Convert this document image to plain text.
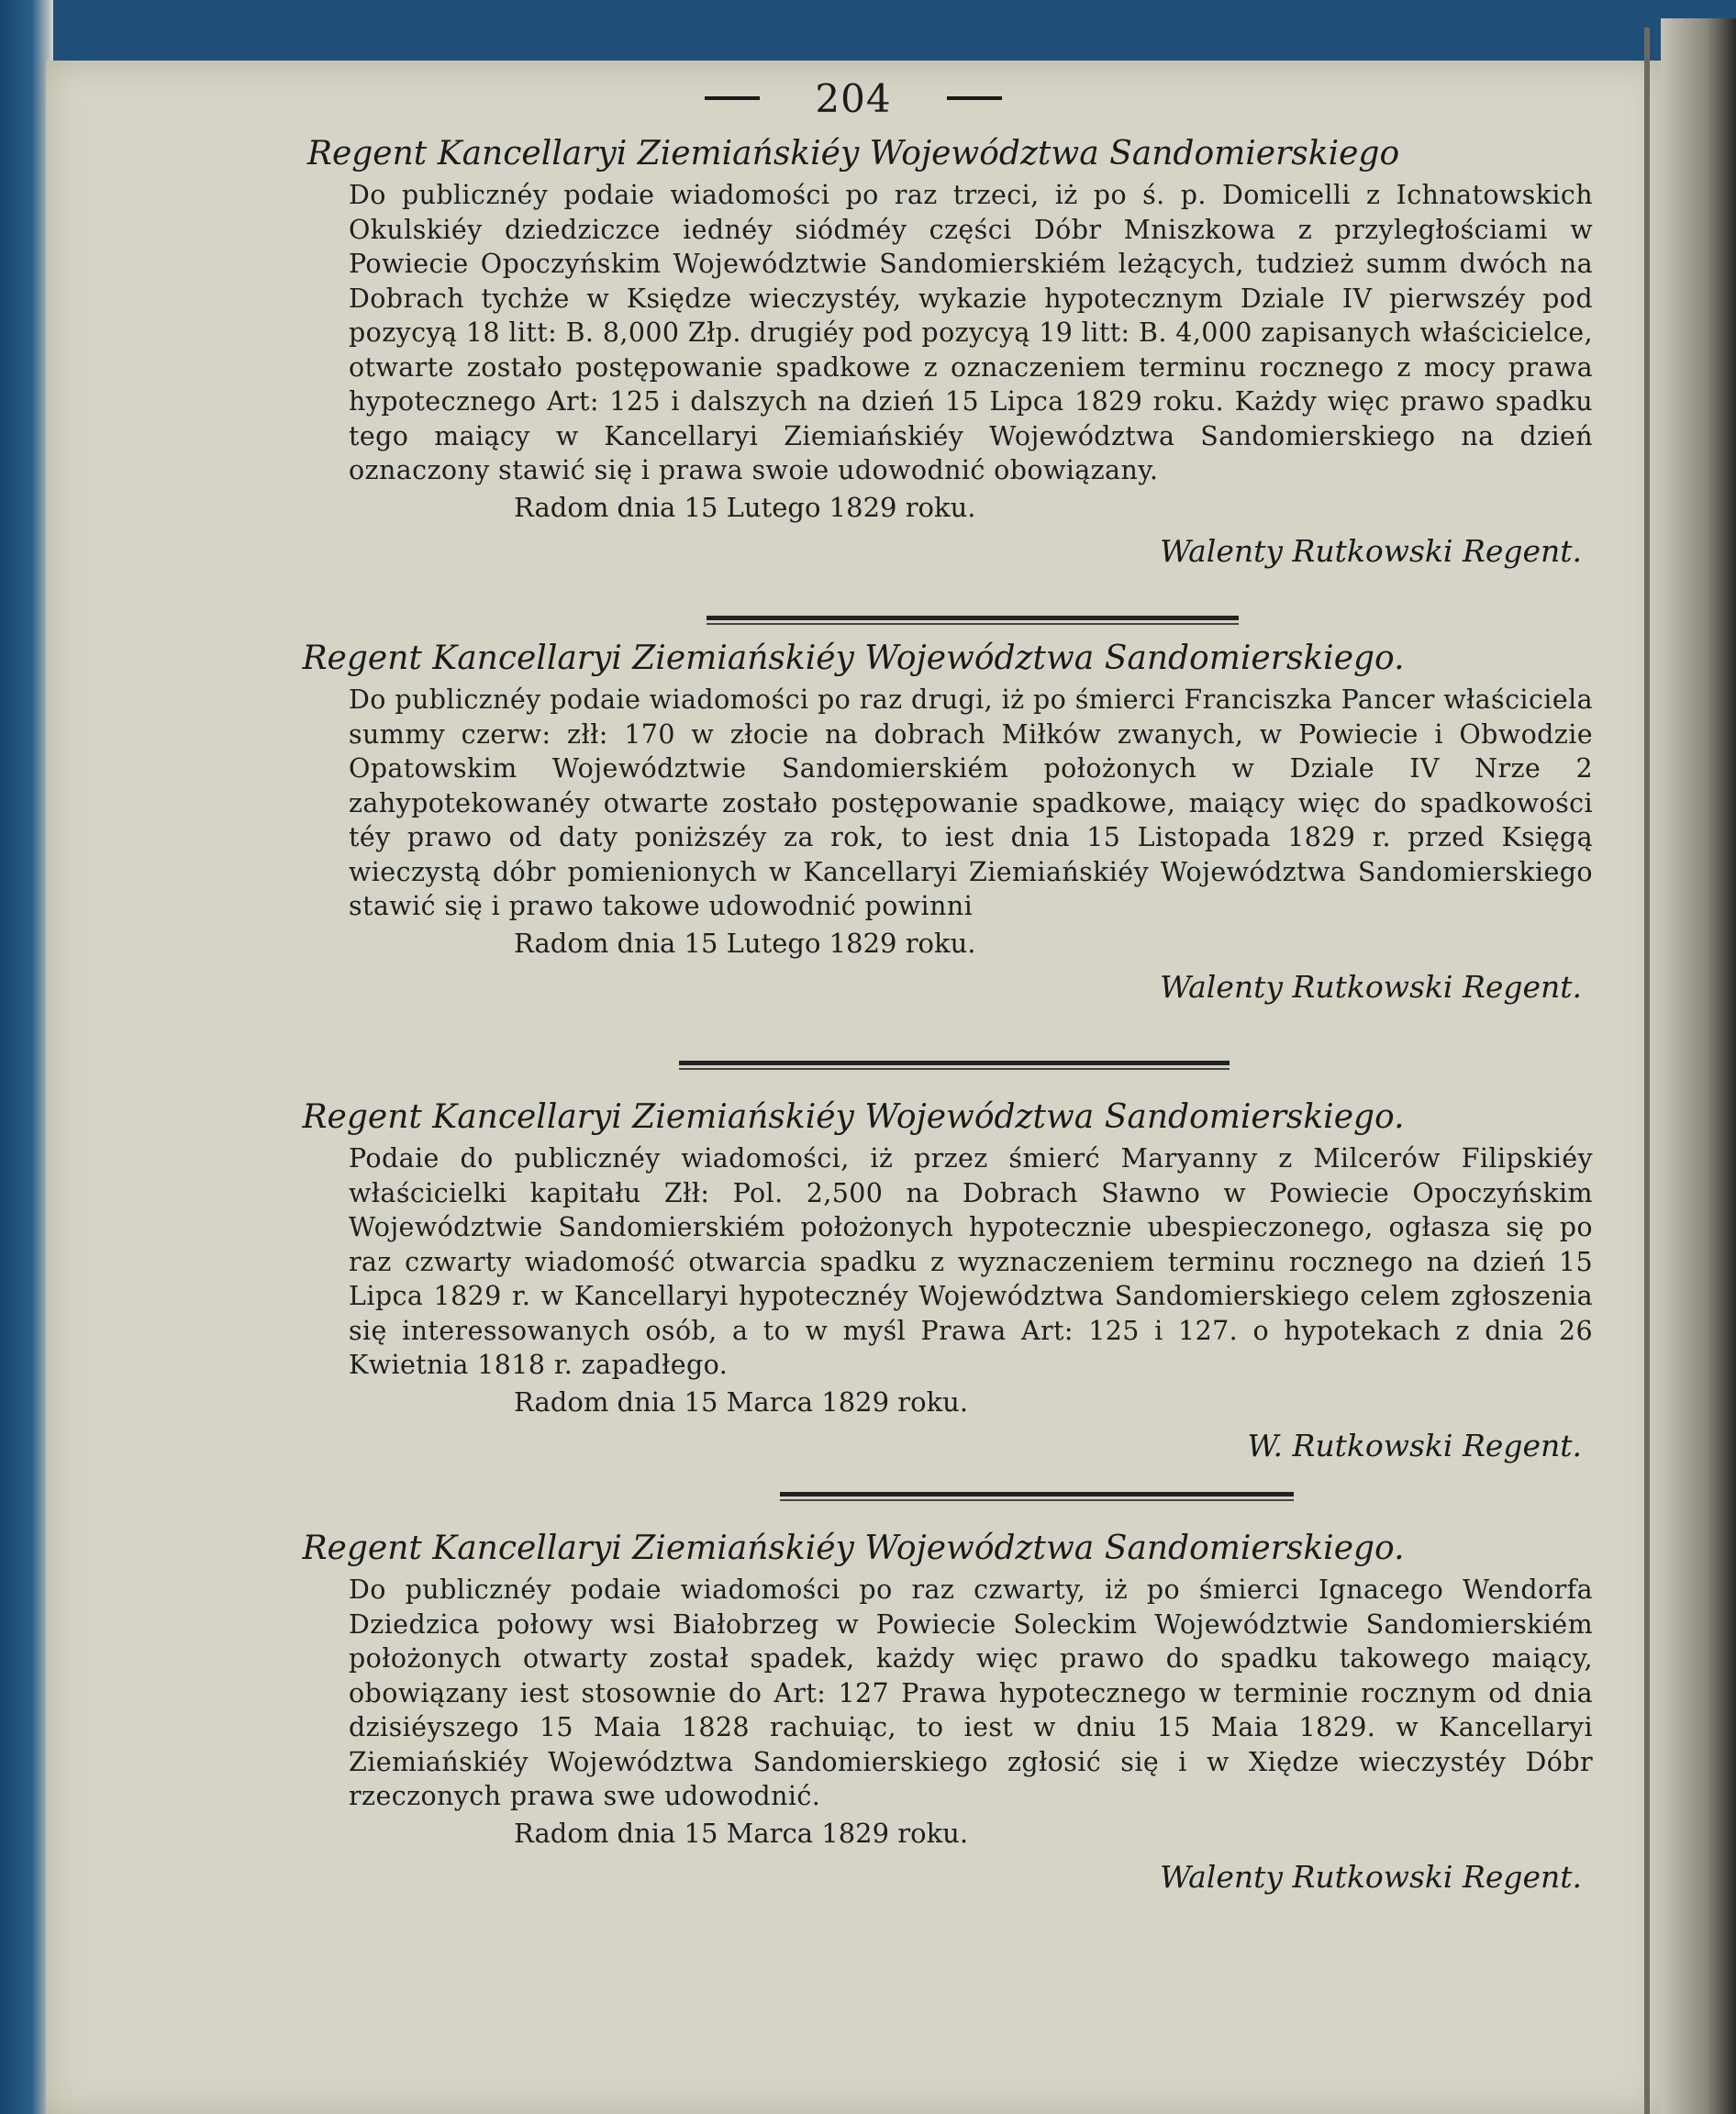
204
Regent Kancellaryi Ziemiańskiéy Województwa Sandomierskiego
Do publicznéy podaie wiadomości po raz trzeci, iż po ś. p. Domicelli z Ichnatowskich Okulskiéy dziedziczce iednéy siódméy części Dóbr Mniszkowa z przyległościami w Powiecie Opoczyńskim Województwie Sandomierskiém leżących, tudzież summ dwóch na Dobrach tychże w Księdze wieczystéy, wykazie hypotecznym Dziale IV pierwszéy pod pozycyą 18 litt: B. 8,000 Złp. drugiéy pod pozycyą 19 litt: B. 4,000 zapisanych właścicielce, otwarte zostało postępowanie spadkowe z oznaczeniem terminu rocznego z mocy prawa hypotecznego Art: 125 i dalszych na dzień 15 Lipca 1829 roku. Każdy więc prawo spadku tego maiący w Kancellaryi Ziemiańskiéy Województwa Sandomierskiego na dzień oznaczony stawić się i prawa swoie udowodnić obowiązany.
Radom dnia 15 Lutego 1829 roku.
Walenty Rutkowski Regent.
Regent Kancellaryi Ziemiańskiéy Województwa Sandomierskiego.
Do publicznéy podaie wiadomości po raz drugi, iż po śmierci Franciszka Pancer właściciela summy czerw: złł: 170 w złocie na dobrach Miłków zwanych, w Powiecie i Obwodzie Opatowskim Województwie Sandomierskiém położonych w Dziale IV Nrze 2 zahypotekowanéy otwarte zostało postępowanie spadkowe, maiący więc do spadkowości téy prawo od daty poniższéy za rok, to iest dnia 15 Listopada 1829 r. przed Księgą wieczystą dóbr pomienionych w Kancellaryi Ziemiańskiéy Województwa Sandomierskiego stawić się i prawo takowe udowodnić powinni
Radom dnia 15 Lutego 1829 roku.
Walenty Rutkowski Regent.
Regent Kancellaryi Ziemiańskiéy Województwa Sandomierskiego.
Podaie do publicznéy wiadomości, iż przez śmierć Maryanny z Milcerów Filipskiéy właścicielki kapitału Złł: Pol. 2,500 na Dobrach Sławno w Powiecie Opoczyńskim Województwie Sandomierskiém położonych hypotecznie ubespieczonego, ogłasza się po raz czwarty wiadomość otwarcia spadku z wyznaczeniem terminu rocznego na dzień 15 Lipca 1829 r. w Kancellaryi hypotecznéy Województwa Sandomierskiego celem zgłoszenia się interessowanych osób, a to w myśl Prawa Art: 125 i 127. o hypotekach z dnia 26 Kwietnia 1818 r. zapadłego.
Radom dnia 15 Marca 1829 roku.
W. Rutkowski Regent.
Regent Kancellaryi Ziemiańskiéy Województwa Sandomierskiego.
Do publicznéy podaie wiadomości po raz czwarty, iż po śmierci Ignacego Wendorfa Dziedzica połowy wsi Białobrzeg w Powiecie Soleckim Województwie Sandomierskiém położonych otwarty został spadek, każdy więc prawo do spadku takowego maiący, obowiązany iest stosownie do Art: 127 Prawa hypotecznego w terminie rocznym od dnia dzisiéyszego 15 Maia 1828 rachuiąc, to iest w dniu 15 Maia 1829. w Kancellaryi Ziemiańskiéy Województwa Sandomierskiego zgłosić się i w Xiędze wieczystéy Dóbr rzeczonych prawa swe udowodnić.
Radom dnia 15 Marca 1829 roku.
Walenty Rutkowski Regent.
